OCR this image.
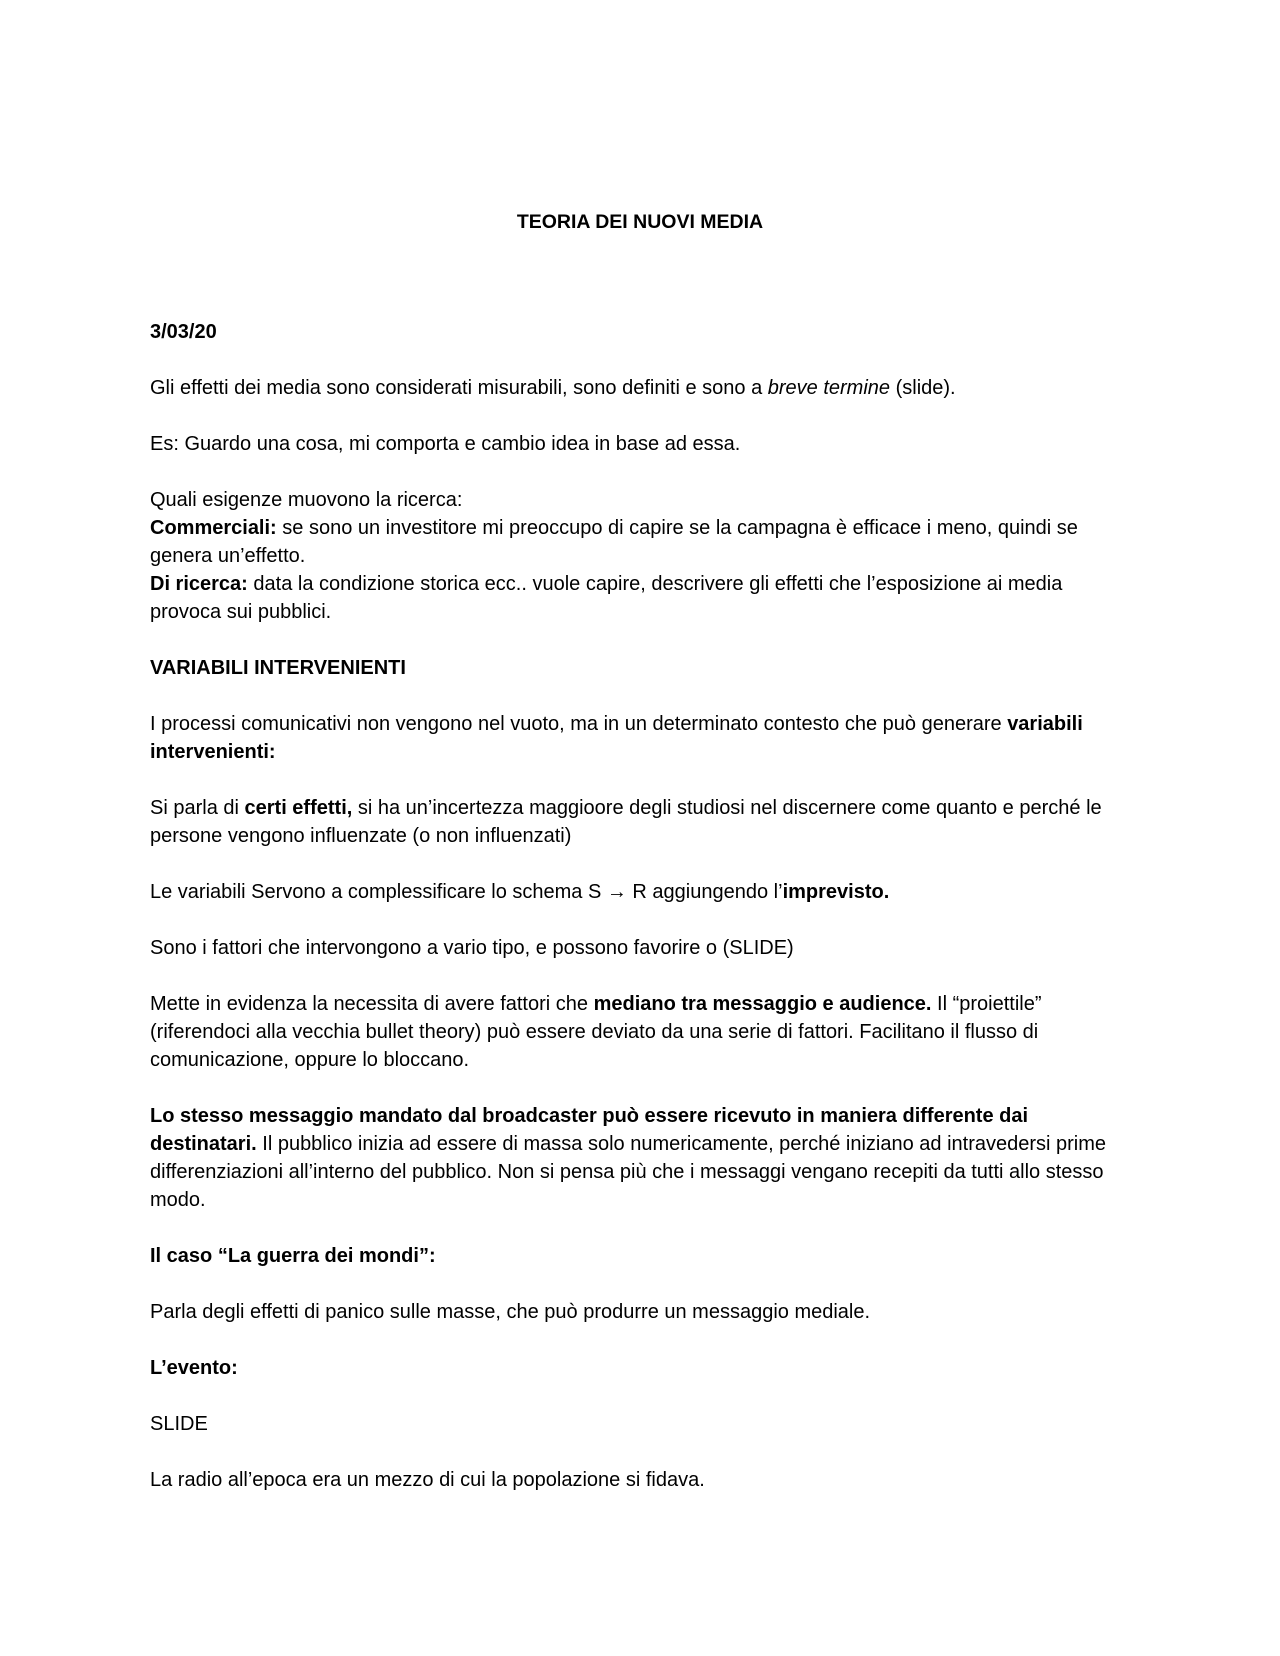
TEORIA DEI NUOVI MEDIA

3/03/20

Gli effetti dei media sono considerati misurabili, sono definiti e sono a breve termine (slide).

Es: Guardo una cosa, mi comporta e cambio idea in base ad essa.

Quali esigenze muovono la ricerca:

Commerciali: se sono un investitore mi preoccupo di capire se la campagna è efficace i meno, quindi se genera un’effetto.

Di ricerca: data la condizione storica ecc.. vuole capire, descrivere gli effetti che l’esposizione ai media provoca sui pubblici.

VARIABILI INTERVENIENTI

I processi comunicativi non vengono nel vuoto, ma in un determinato contesto che può generare variabili intervenienti:

Si parla di certi effetti, si ha un’incertezza maggioore degli studiosi nel discernere come quanto e perché le persone vengono influenzate (o non influenzati)

Le variabili Servono a complessificare lo schema S → R aggiungendo l’imprevisto.

Sono i fattori che intervongono a vario tipo, e possono favorire o (SLIDE)

Mette in evidenza la necessita di avere fattori che mediano tra messaggio e audience. Il “proiettile” (riferendoci alla vecchia bullet theory) può essere deviato da una serie di fattori. Facilitano il flusso di comunicazione, oppure lo bloccano.

Lo stesso messaggio mandato dal broadcaster può essere ricevuto in maniera differente dai destinatari. Il pubblico inizia ad essere di massa solo numericamente, perché iniziano ad intravedersi prime differenziazioni all’interno del pubblico. Non si pensa più che i messaggi vengano recepiti da tutti allo stesso modo.

Il caso “La guerra dei mondi”:

Parla degli effetti di panico sulle masse, che può produrre un messaggio mediale.

L’evento:

SLIDE

La radio all’epoca era un mezzo di cui la popolazione si fidava.
